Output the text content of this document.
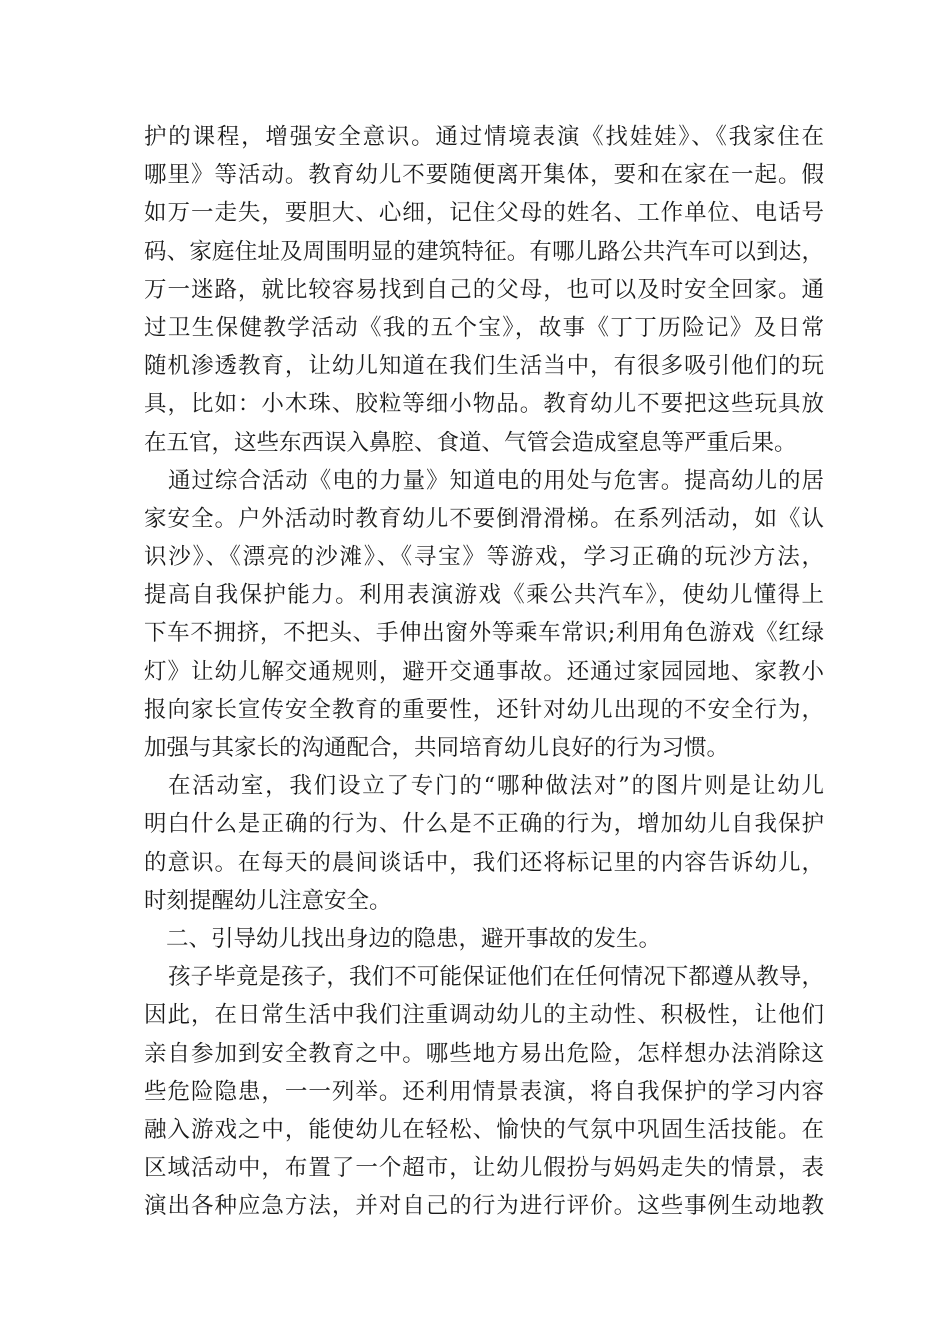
护的课程，增强安全意识。通过情境表演《找娃娃》、《我家住在
哪里》等活动。教育幼儿不要随便离开集体，要和在家在一起。假
如万一走失，要胆大、心细，记住父母的姓名、工作单位、电话号
码、家庭住址及周围明显的建筑特征。有哪儿路公共汽车可以到达，
万一迷路，就比较容易找到自己的父母，也可以及时安全回家。通
过卫生保健教学活动《我的五个宝》，故事《丁丁历险记》及日常
随机渗透教育，让幼儿知道在我们生活当中，有很多吸引他们的玩
具，比如：小木珠、胶粒等细小物品。教育幼儿不要把这些玩具放
在五官，这些东西误入鼻腔、食道、气管会造成窒息等严重后果。
通过综合活动《电的力量》知道电的用处与危害。提高幼儿的居
家安全。户外活动时教育幼儿不要倒滑滑梯。在系列活动，如《认
识沙》、《漂亮的沙滩》、《寻宝》等游戏，学习正确的玩沙方法，
提高自我保护能力。利用表演游戏《乘公共汽车》，使幼儿懂得上
下车不拥挤，不把头、手伸出窗外等乘车常识;利用角色游戏《红绿
灯》让幼儿解交通规则，避开交通事故。还通过家园园地、家教小
报向家长宣传安全教育的重要性，还针对幼儿出现的不安全行为，
加强与其家长的沟通配合，共同培育幼儿良好的行为习惯。
在活动室，我们设立了专门的“哪种做法对”的图片则是让幼儿
明白什么是正确的行为、什么是不正确的行为，增加幼儿自我保护
的意识。在每天的晨间谈话中，我们还将标记里的内容告诉幼儿，
时刻提醒幼儿注意安全。
二、引导幼儿找出身边的隐患，避开事故的发生。
孩子毕竟是孩子，我们不可能保证他们在任何情况下都遵从教导，
因此，在日常生活中我们注重调动幼儿的主动性、积极性，让他们
亲自参加到安全教育之中。哪些地方易出危险，怎样想办法消除这
些危险隐患，一一列举。还利用情景表演，将自我保护的学习内容
融入游戏之中，能使幼儿在轻松、愉快的气氛中巩固生活技能。在
区域活动中，布置了一个超市，让幼儿假扮与妈妈走失的情景，表
演出各种应急方法，并对自己的行为进行评价。这些事例生动地教
